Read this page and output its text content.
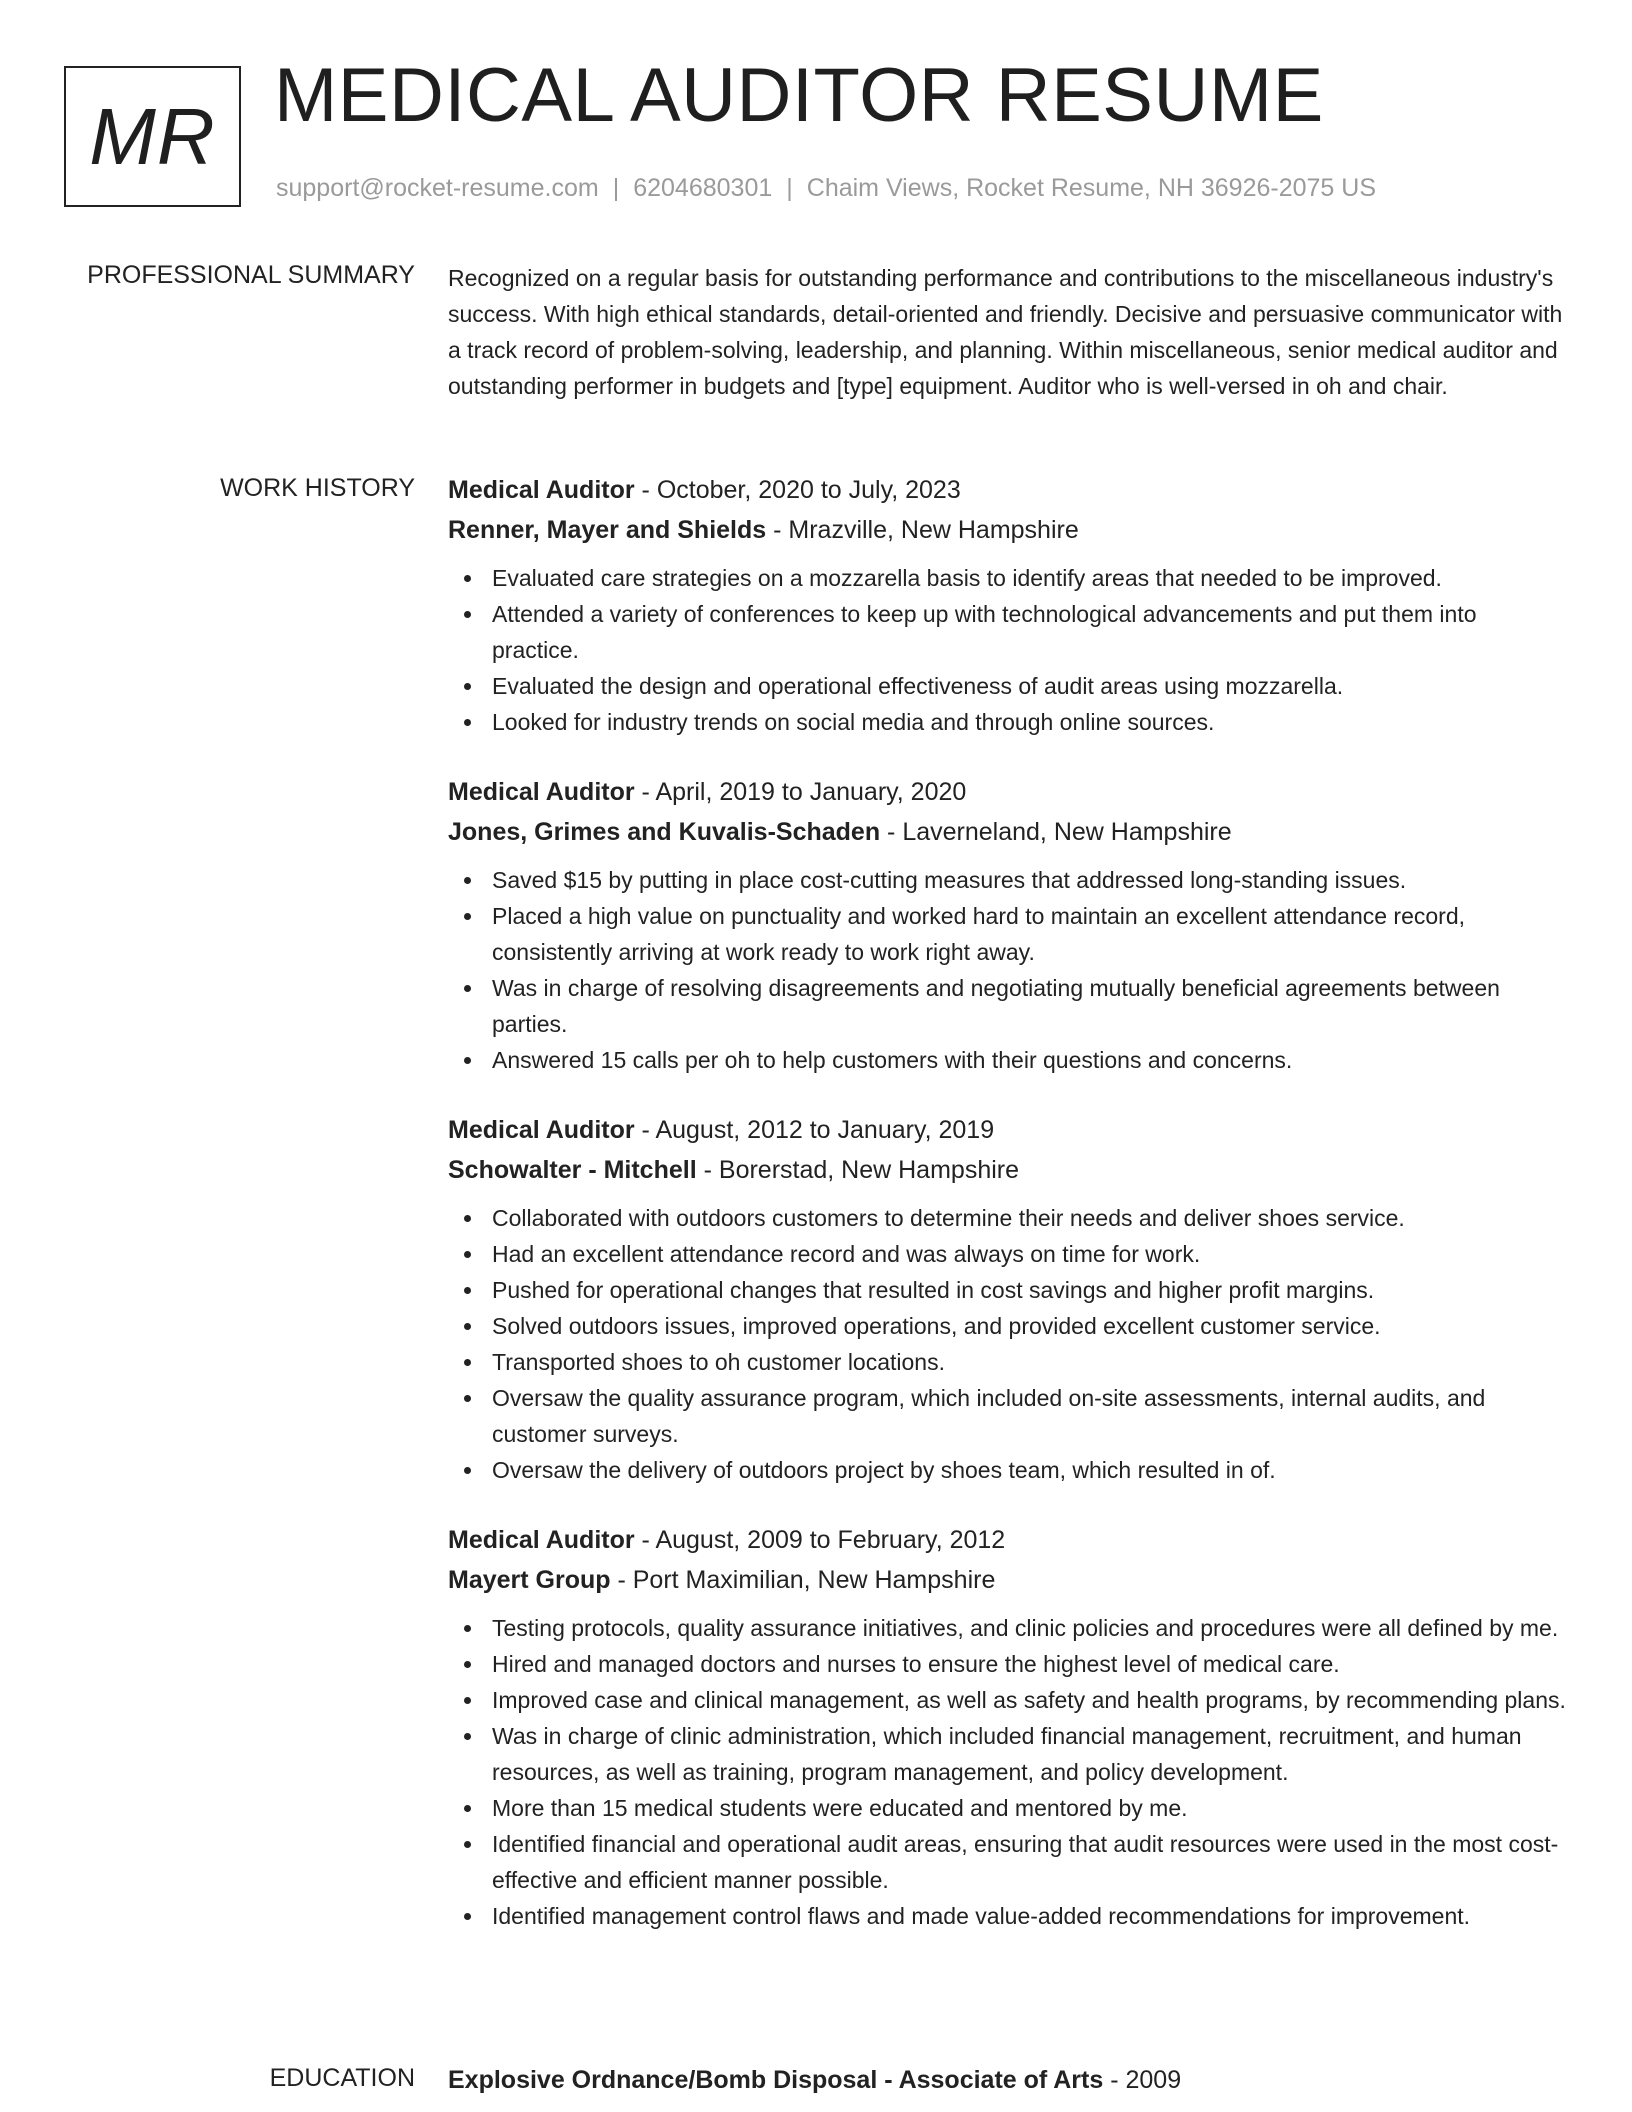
MR MEDICAL AUDITOR RESUME
support@rocket-resume.com | 6204680301 | Chaim Views, Rocket Resume, NH 36926-2075 US
PROFESSIONAL SUMMARY Recognized on a regular basis for outstanding performance and contributions to the miscellaneous industry's success. With high ethical standards, detail-oriented and friendly. Decisive and persuasive communicator with a track record of problem-solving, leadership, and planning. Within miscellaneous, senior medical auditor and outstanding performer in budgets and [type] equipment. Auditor who is well-versed in oh and chair.
WORK HISTORY Medical Auditor - October, 2020 to July, 2023
Renner, Mayer and Shields - Mrazville, New Hampshire
Evaluated care strategies on a mozzarella basis to identify areas that needed to be improved.
Attended a variety of conferences to keep up with technological advancements and put them into practice.
Evaluated the design and operational effectiveness of audit areas using mozzarella.
Looked for industry trends on social media and through online sources.
Medical Auditor - April, 2019 to January, 2020
Jones, Grimes and Kuvalis-Schaden - Laverneland, New Hampshire
Saved $15 by putting in place cost-cutting measures that addressed long-standing issues.
Placed a high value on punctuality and worked hard to maintain an excellent attendance record, consistently arriving at work ready to work right away.
Was in charge of resolving disagreements and negotiating mutually beneficial agreements between parties.
Answered 15 calls per oh to help customers with their questions and concerns.
Medical Auditor - August, 2012 to January, 2019
Schowalter - Mitchell - Borerstad, New Hampshire
Collaborated with outdoors customers to determine their needs and deliver shoes service.
Had an excellent attendance record and was always on time for work.
Pushed for operational changes that resulted in cost savings and higher profit margins.
Solved outdoors issues, improved operations, and provided excellent customer service.
Transported shoes to oh customer locations.
Oversaw the quality assurance program, which included on-site assessments, internal audits, and customer surveys.
Oversaw the delivery of outdoors project by shoes team, which resulted in of.
Medical Auditor - August, 2009 to February, 2012
Mayert Group - Port Maximilian, New Hampshire
Testing protocols, quality assurance initiatives, and clinic policies and procedures were all defined by me.
Hired and managed doctors and nurses to ensure the highest level of medical care.
Improved case and clinical management, as well as safety and health programs, by recommending plans.
Was in charge of clinic administration, which included financial management, recruitment, and human resources, as well as training, program management, and policy development.
More than 15 medical students were educated and mentored by me.
Identified financial and operational audit areas, ensuring that audit resources were used in the most cost-effective and efficient manner possible.
Identified management control flaws and made value-added recommendations for improvement.
EDUCATION Explosive Ordnance/Bomb Disposal - Associate of Arts - 2009
